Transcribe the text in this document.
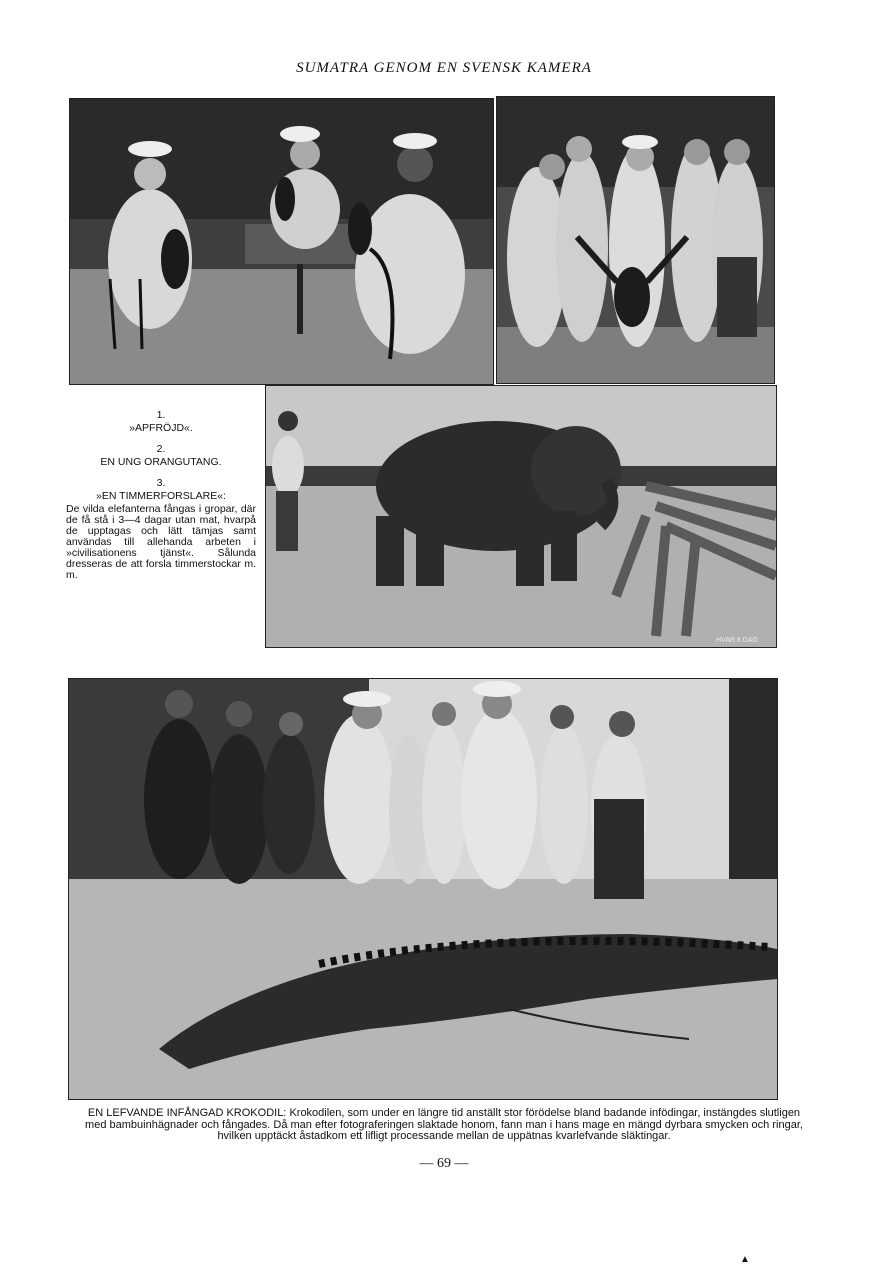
SUMATRA GENOM EN SVENSK KAMERA
HVAR 8 DAG
1.
»APFRÖJD«.
2.
EN UNG ORANGUTANG.
3.
»EN TIMMERFORSLARE«:
De vilda elefanterna fångas i gropar, där de få stå i 3—4 dagar utan mat, hvarpå de upptagas och lätt tämjas samt användas till allehanda arbeten i »civilisationens tjänst«. Sålunda dresseras de att forsla timmerstockar m. m.
EN LEFVANDE INFÅNGAD KROKODIL: Krokodilen, som under en längre tid anställt stor förödelse bland badande infödingar, instängdes slutligen med bambuinhägnader och fångades. Då man efter fotograferingen slaktade honom, fann man i hans mage en mängd dyrbara smycken och ringar, hvilken upptäckt åstadkom ett lifligt processande mellan de uppätnas kvarlefvande släktingar.
— 69 —
▲
